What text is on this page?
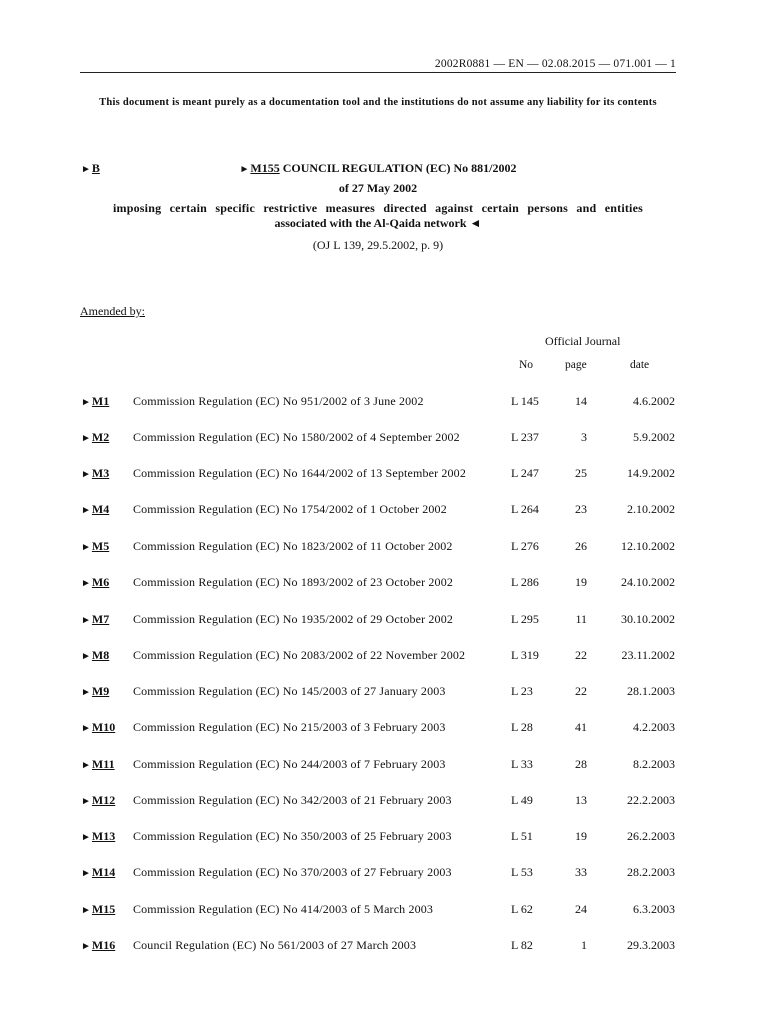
2002R0881 — EN — 02.08.2015 — 071.001 — 1
This document is meant purely as a documentation tool and the institutions do not assume any liability for its contents
►B	►M155 COUNCIL REGULATION (EC) No 881/2002
of 27 May 2002
imposing certain specific restrictive measures directed against certain persons and entities
associated with the Al-Qaida network ◄
(OJ L 139, 29.5.2002, p. 9)
Amended by:
Official Journal
No	page	date
►M1 Commission Regulation (EC) No 951/2002 of 3 June 2002	L 145	14	4.6.2002
►M2 Commission Regulation (EC) No 1580/2002 of 4 September 2002	L 237	3	5.9.2002
►M3 Commission Regulation (EC) No 1644/2002 of 13 September 2002	L 247	25	14.9.2002
►M4 Commission Regulation (EC) No 1754/2002 of 1 October 2002	L 264	23	2.10.2002
►M5 Commission Regulation (EC) No 1823/2002 of 11 October 2002	L 276	26	12.10.2002
►M6 Commission Regulation (EC) No 1893/2002 of 23 October 2002	L 286	19	24.10.2002
►M7 Commission Regulation (EC) No 1935/2002 of 29 October 2002	L 295	11	30.10.2002
►M8 Commission Regulation (EC) No 2083/2002 of 22 November 2002	L 319	22	23.11.2002
►M9 Commission Regulation (EC) No 145/2003 of 27 January 2003	L 23	22	28.1.2003
►M10 Commission Regulation (EC) No 215/2003 of 3 February 2003	L 28	41	4.2.2003
►M11 Commission Regulation (EC) No 244/2003 of 7 February 2003	L 33	28	8.2.2003
►M12 Commission Regulation (EC) No 342/2003 of 21 February 2003	L 49	13	22.2.2003
►M13 Commission Regulation (EC) No 350/2003 of 25 February 2003	L 51	19	26.2.2003
►M14 Commission Regulation (EC) No 370/2003 of 27 February 2003	L 53	33	28.2.2003
►M15 Commission Regulation (EC) No 414/2003 of 5 March 2003	L 62	24	6.3.2003
►M16 Council Regulation (EC) No 561/2003 of 27 March 2003	L 82	1	29.3.2003
